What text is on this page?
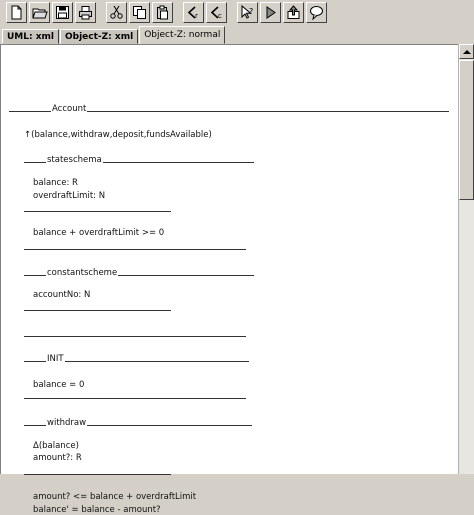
r	c	?
UML: xml	Object-Z: xml	Object-Z: normal
Account
↑(balance,withdraw,deposit,fundsAvailable)
stateschema
balance: R
overdraftLimit: N
balance + overdraftLimit >= 0
constantscheme
accountNo: N
INIT
balance = 0
withdraw
Δ(balance)
amount?: R
amount? <= balance + overdraftLimit
balance' = balance - amount?
